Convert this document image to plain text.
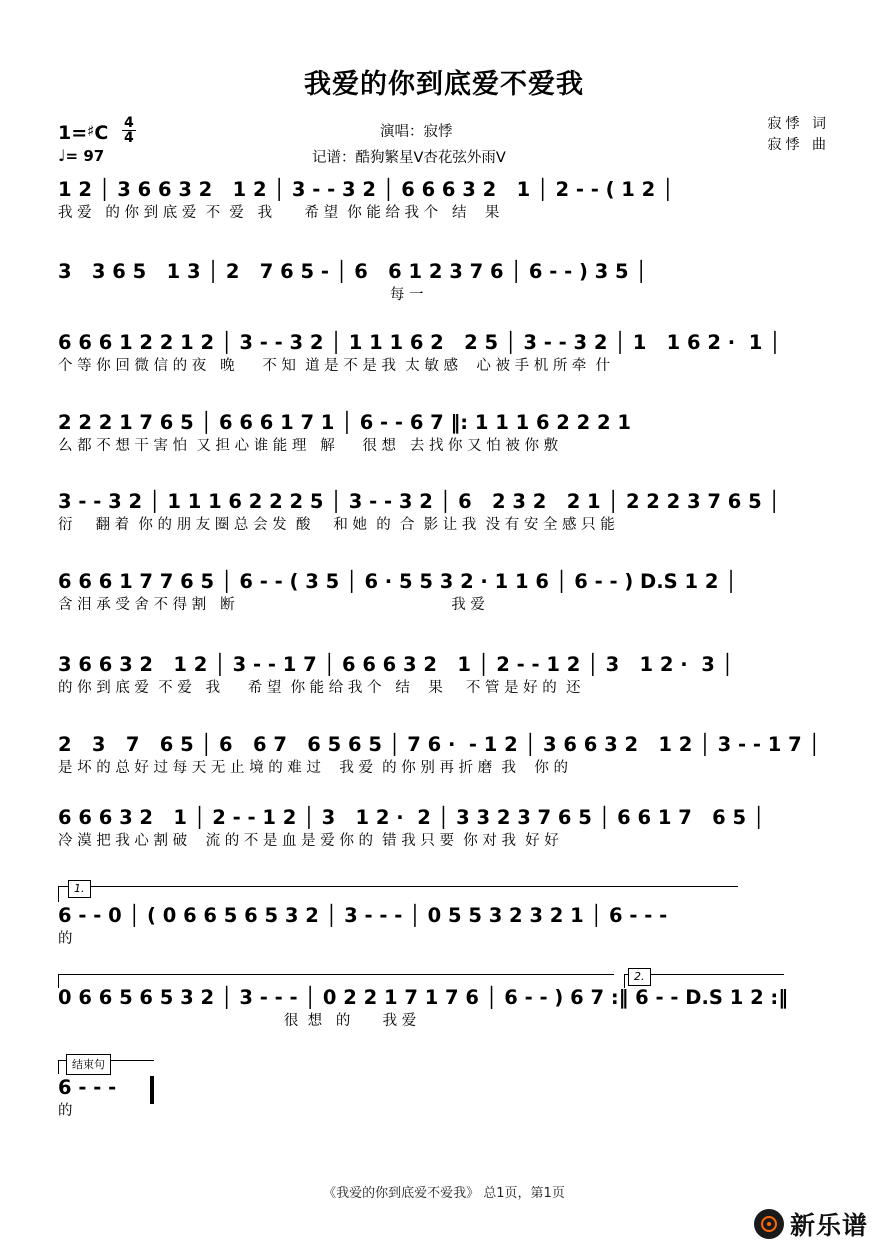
我爱的你到底爱不爱我
1=♯C $\frac{4}{4}$
♩= 97
演唱：寂悸
记谱：酷狗繁星V杏花弦外雨V
寂悸 词
寂悸 曲
1 2 │ 3 6 6 3 2   1 2 │ 3 - - 3 2 │ 6 6 6 3 2   1 │ 2 - - ( 1 2 │
我 爱   的 你 到 底 爱  不  爱   我       希 望  你 能 给 我 个   结    果
3   3 6 5   1 3 │ 2   7 6 5 - │ 6   6 1 2 3 7 6 │ 6 - - ) 3 5 │
每 一
6 6 6 1 2 2 1 2 │ 3 - - 3 2 │ 1 1 1 6 2   2 5 │ 3 - - 3 2 │ 1   1 6 2 ·  1 │
个 等 你 回 微 信 的 夜   晚      不 知  道 是 不 是 我  太 敏 感    心 被 手 机 所 牵  什
2 2 2 1 7 6 5 │ 6 6 6 1 7 1 │ 6 - - 6 7 ‖: 1 1 1 6 2 2 2 1
么 都 不 想 干 害 怕  又 担 心 谁 能 理   解      很 想   去 找 你 又 怕 被 你 敷
3 - - 3 2 │ 1 1 1 6 2 2 2 5 │ 3 - - 3 2 │ 6   2 3 2   2 1 │ 2 2 2 3 7 6 5 │
衍     翻 着  你 的 朋 友 圈 总 会 发  酸     和 她  的  合  影 让 我  没 有 安 全 感 只 能
6 6 6 1 7 7 6 5 │ 6 - - ( 3 5 │ 6 · 5 5 3 2 · 1 1 6 │ 6 - - ) D.S 1 2 │
含 泪 承 受 舍 不 得 割   断                                               我 爱
3 6 6 3 2   1 2 │ 3 - - 1 7 │ 6 6 6 3 2   1 │ 2 - - 1 2 │ 3   1 2 ·  3 │
的 你 到 底 爱  不 爱   我      希 望  你 能 给 我 个   结    果     不 管 是 好 的  还
2   3   7   6 5 │ 6   6 7   6 5 6 5 │ 7 6 ·  - 1 2 │ 3 6 6 3 2   1 2 │ 3 - - 1 7 │
是 坏 的 总 好 过 每 天 无 止 境 的 难 过    我 爱  的 你 别 再 折 磨  我    你 的
6 6 6 3 2   1 │ 2 - - 1 2 │ 3   1 2 ·  2 │ 3 3 2 3 7 6 5 │ 6 6 1 7   6 5 │
冷 漠 把 我 心 割 破    流 的 不 是 血 是 爱 你 的  错 我 只 要  你 对 我  好 好
1.
6 - - 0 │ ( 0 6 6 5 6 5 3 2 │ 3 - - - │ 0 5 5 3 2 3 2 1 │ 6 - - -
的
2.
0 6 6 5 6 5 3 2 │ 3 - - - │ 0 2 2 1 7 1 7 6 │ 6 - - ) 6 7 :‖ 6 - - D.S 1 2 :‖
很  想   的       我 爱
结束句
6 - - -
的
《我爱的你到底爱不爱我》 总1页，第1页
新乐谱
